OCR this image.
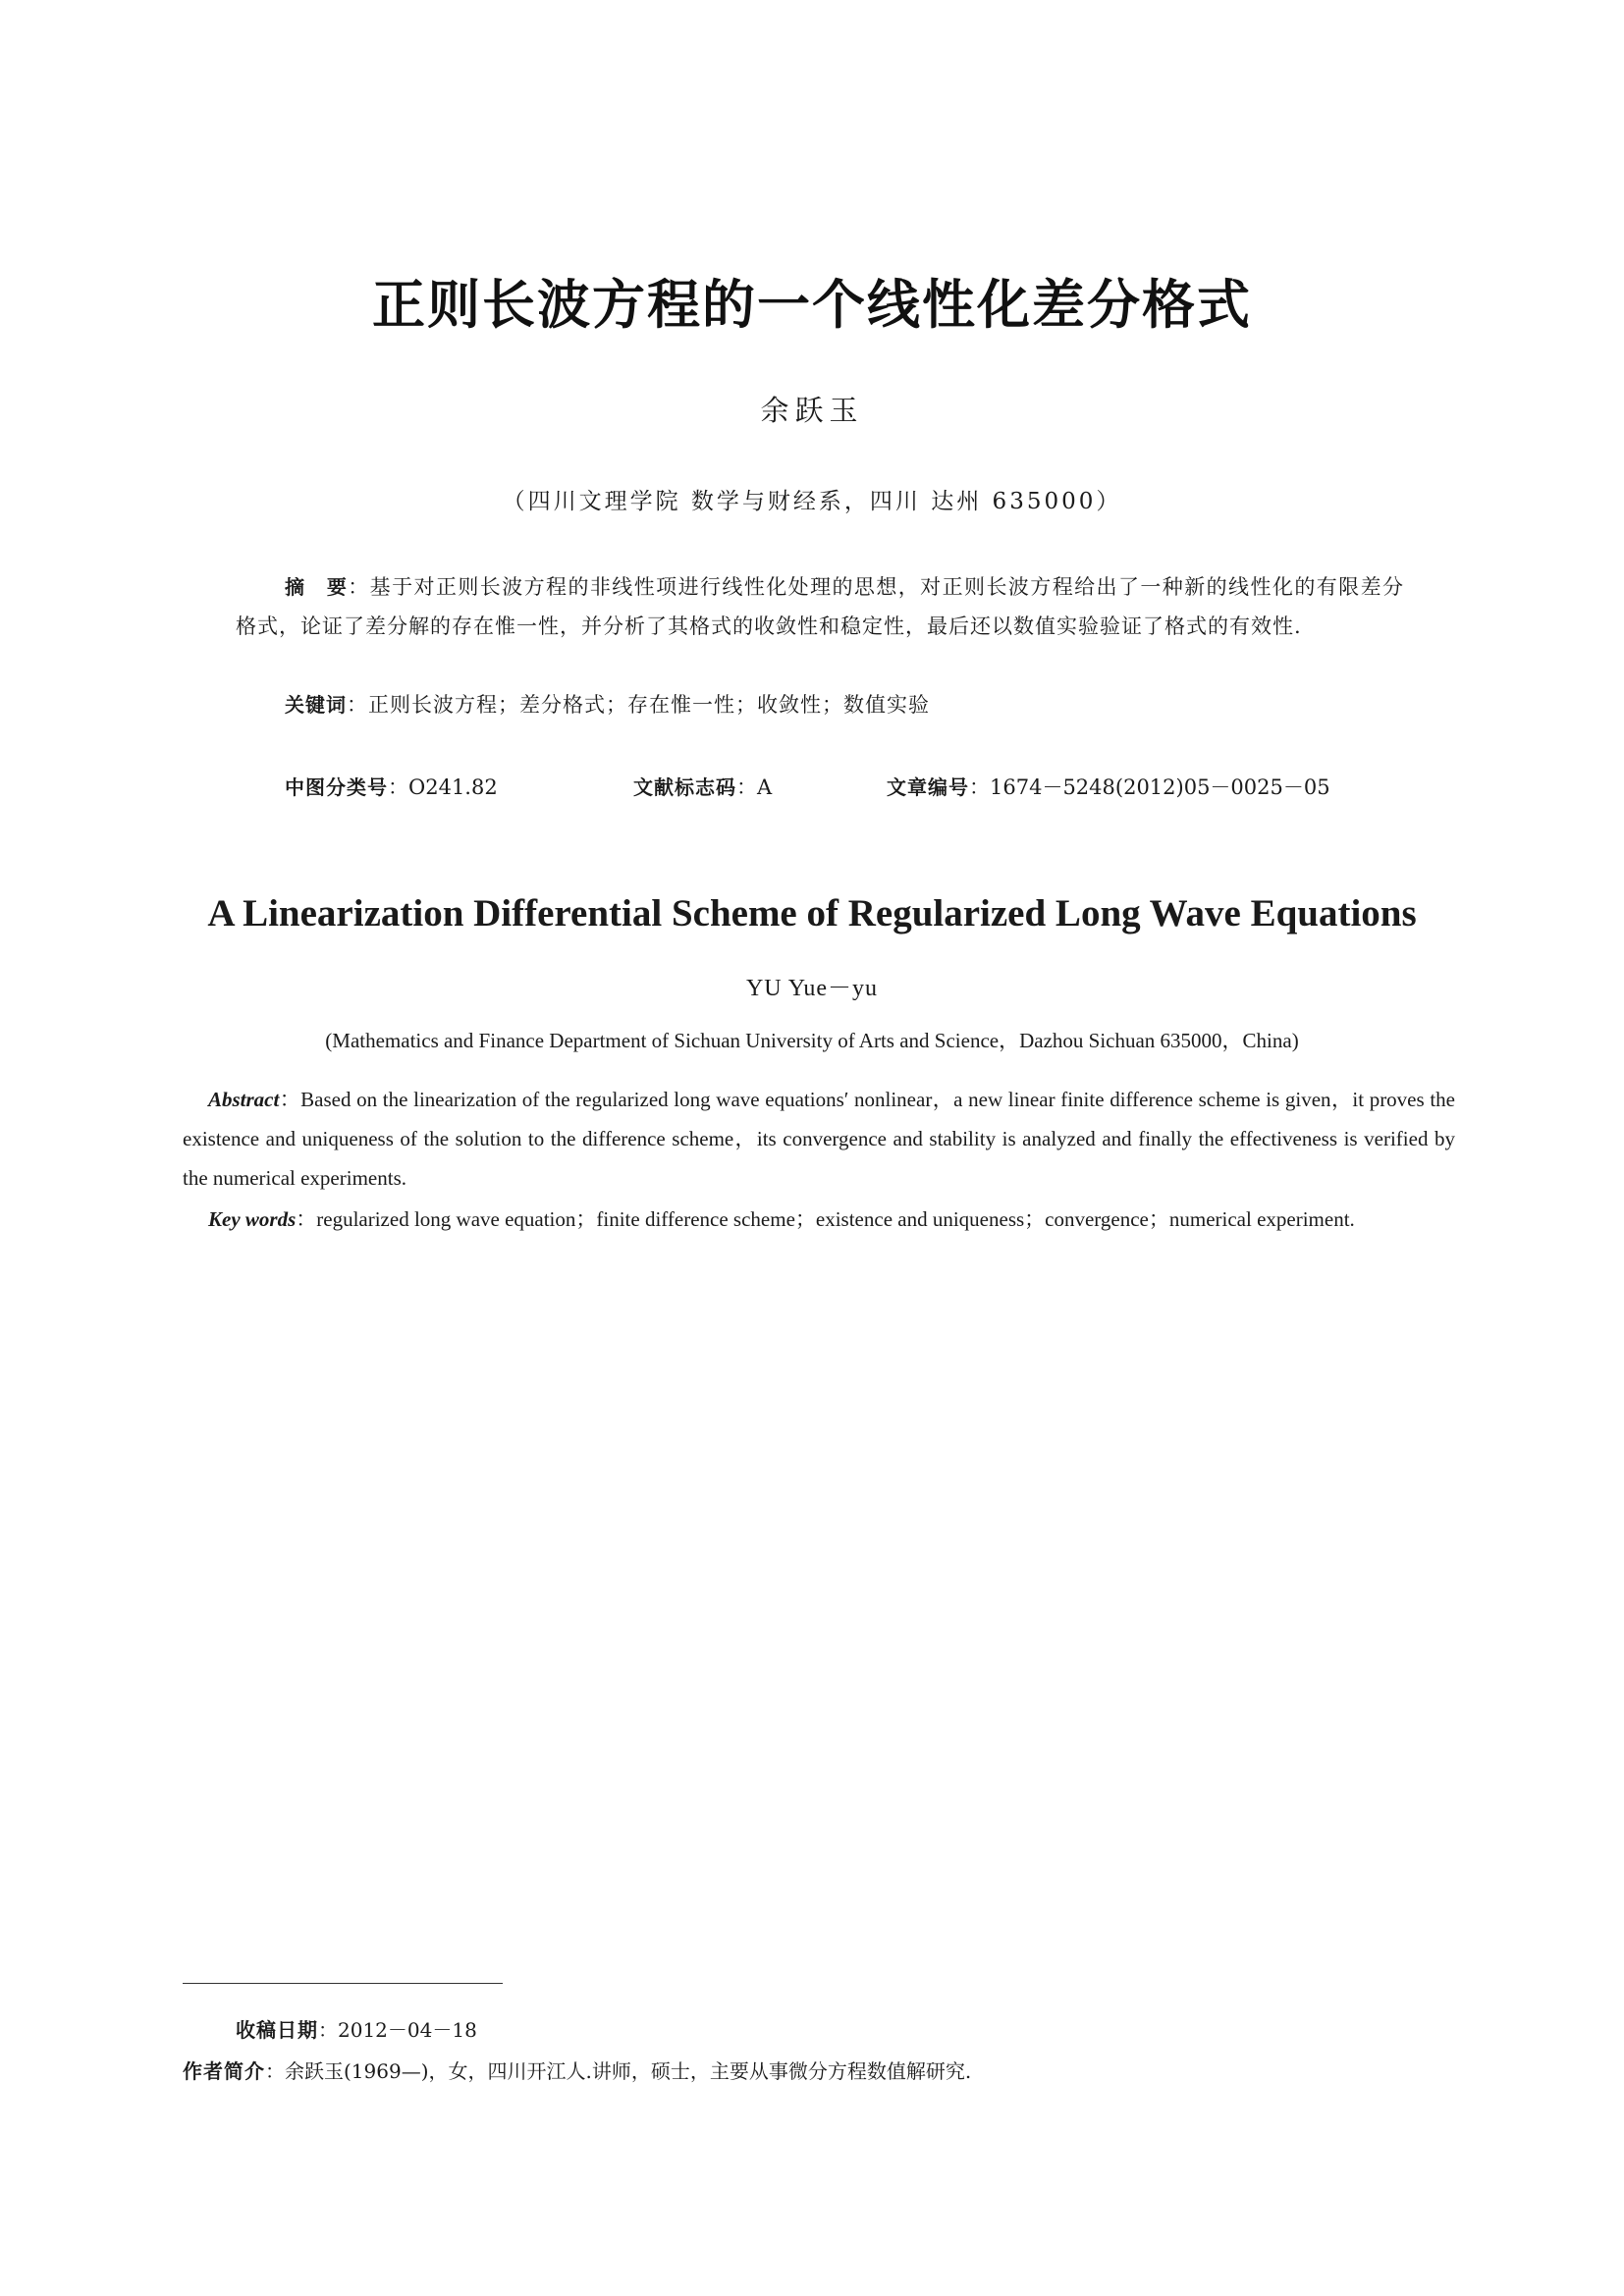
正则长波方程的一个线性化差分格式
余跃玉
（四川文理学院 数学与财经系，四川 达州 635000）
摘　要：基于对正则长波方程的非线性项进行线性化处理的思想，对正则长波方程给出了一种新的线性化的有限差分格式，论证了差分解的存在惟一性，并分析了其格式的收敛性和稳定性，最后还以数值实验验证了格式的有效性.
关键词：正则长波方程；差分格式；存在惟一性；收敛性；数值实验
中图分类号：O241.82	文献标志码：A	文章编号：1674－5248(2012)05－0025－05
A Linearization Differential Scheme of Regularized Long Wave Equations
YU Yue－yu
(Mathematics and Finance Department of Sichuan University of Arts and Science，Dazhou Sichuan 635000，China)
Abstract：Based on the linearization of the regularized long wave equations′ nonlinear，a new linear finite difference scheme is given，it proves the existence and uniqueness of the solution to the difference scheme，its convergence and stability is analyzed and finally the effectiveness is verified by the numerical experiments.
Key words：regularized long wave equation；finite difference scheme；existence and uniqueness；convergence；numerical experiment.
收稿日期：2012－04－18
作者简介：余跃玉(1969—)，女，四川开江人.讲师，硕士，主要从事微分方程数值解研究.
